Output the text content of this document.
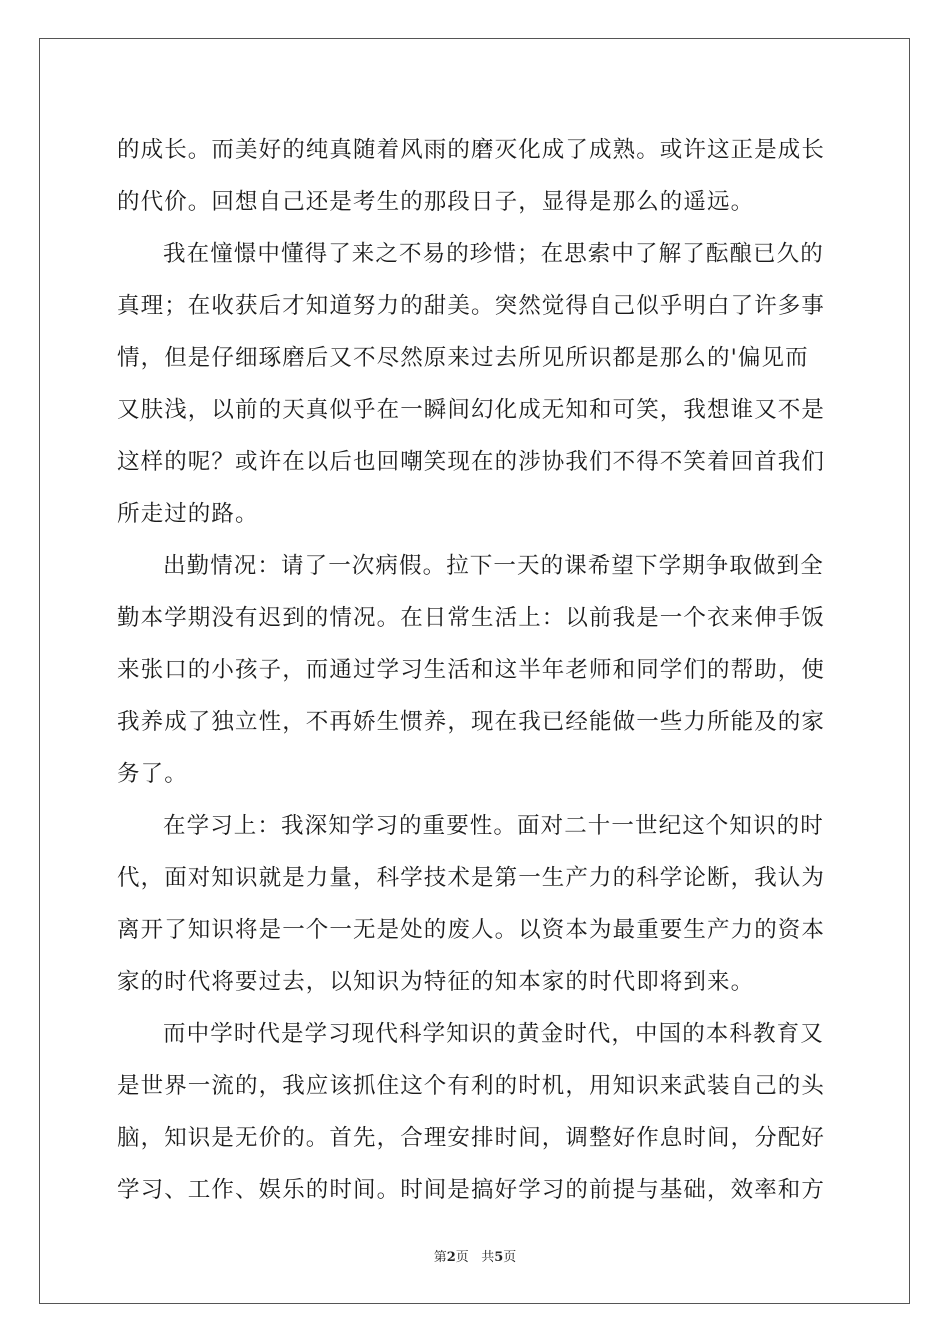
的成长。而美好的纯真随着风雨的磨灭化成了成熟。或许这正是成长
的代价。回想自己还是考生的那段日子，显得是那么的遥远。
我在憧憬中懂得了来之不易的珍惜；在思索中了解了酝酿已久的
真理；在收获后才知道努力的甜美。突然觉得自己似乎明白了许多事
情，但是仔细琢磨后又不尽然原来过去所见所识都是那么的'偏见而
又肤浅，以前的天真似乎在一瞬间幻化成无知和可笑，我想谁又不是
这样的呢？或许在以后也回嘲笑现在的涉协我们不得不笑着回首我们
所走过的路。
出勤情况：请了一次病假。拉下一天的课希望下学期争取做到全
勤本学期没有迟到的情况。在日常生活上：以前我是一个衣来伸手饭
来张口的小孩子，而通过学习生活和这半年老师和同学们的帮助，使
我养成了独立性，不再娇生惯养，现在我已经能做一些力所能及的家
务了。
在学习上：我深知学习的重要性。面对二十一世纪这个知识的时
代，面对知识就是力量，科学技术是第一生产力的科学论断，我认为
离开了知识将是一个一无是处的废人。以资本为最重要生产力的资本
家的时代将要过去，以知识为特征的知本家的时代即将到来。
而中学时代是学习现代科学知识的黄金时代，中国的本科教育又
是世界一流的，我应该抓住这个有利的时机，用知识来武装自己的头
脑，知识是无价的。首先，合理安排时间，调整好作息时间，分配好
学习、工作、娱乐的时间。时间是搞好学习的前提与基础，效率和方
第2页 共5页
